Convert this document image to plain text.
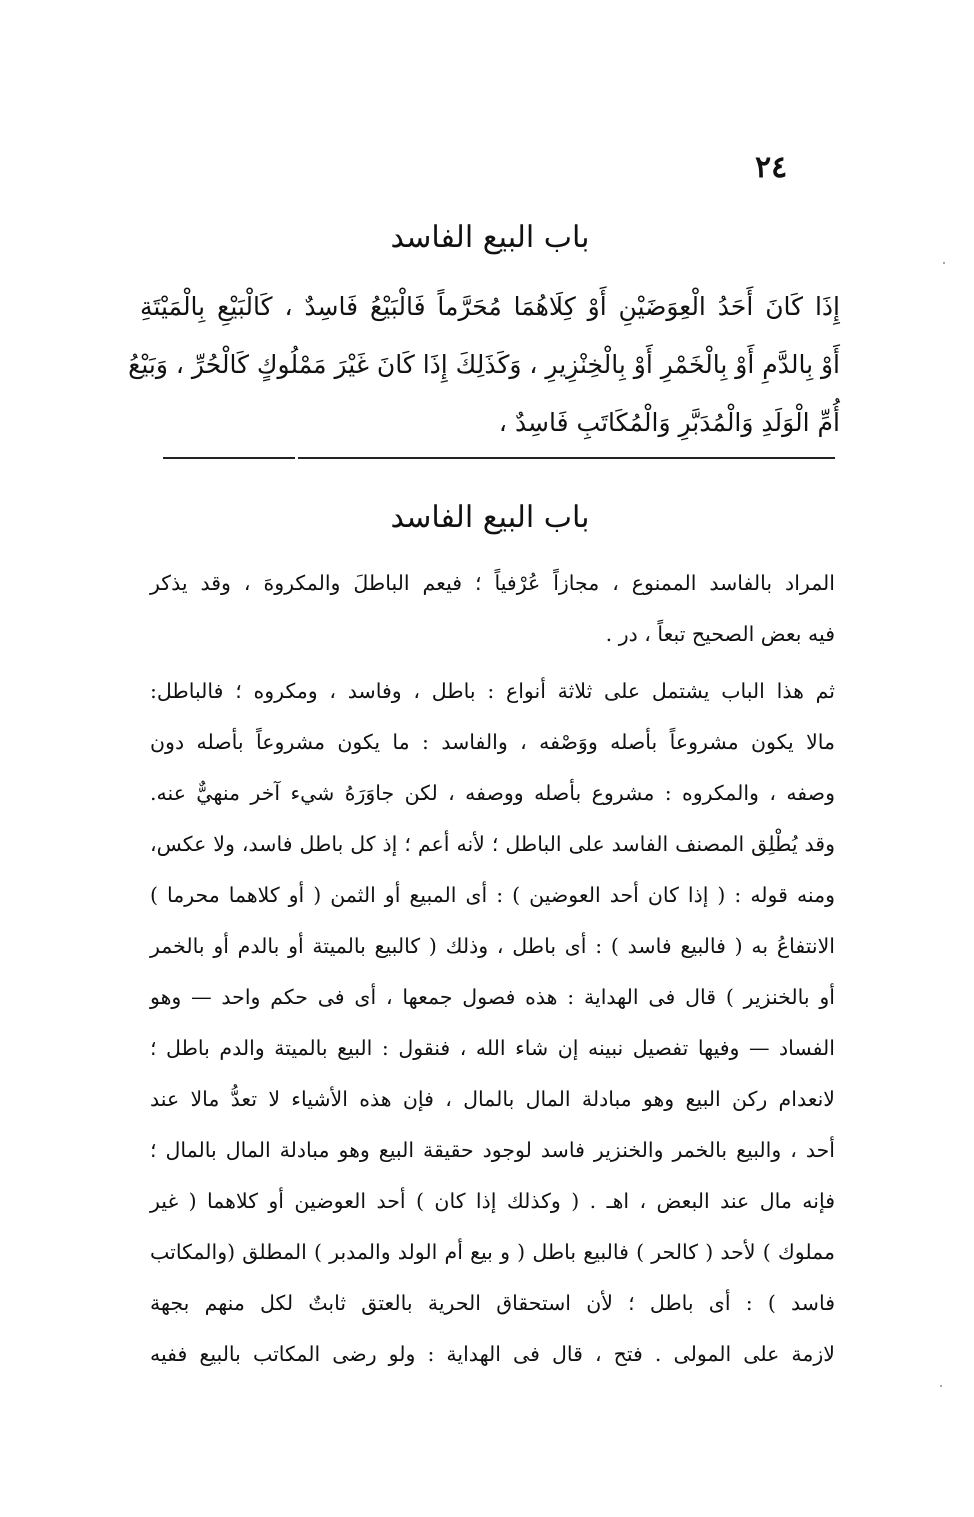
٢٤
باب البيع الفاسد
إِذَا كَانَ أَحَدُ الْعِوَضَيْنِ أَوْ كِلَاهُمَا مُحَرَّماً فَالْبَيْعُ فَاسِدٌ ، كَالْبَيْعِ بِالْمَيْتَةِ
أَوْ بِالدَّمِ أَوْ بِالْخَمْرِ أَوْ بِالْخِنْزِيرِ ، وَكَذَلِكَ إِذَا كَانَ غَيْرَ مَمْلُوكٍ كَالْحُرِّ ، وَبَيْعُ
أُمِّ الْوَلَدِ وَالْمُدَبَّرِ وَالْمُكَاتَبِ فَاسِدٌ ،
باب البيع الفاسد
المراد بالفاسد الممنوع ، مجازاً عُرْفياً ؛ فيعم الباطلَ والمكروهَ ، وقد يذكر
فيه بعض الصحيح تبعاً ، در .
ثم هذا الباب يشتمل على ثلاثة أنواع : باطل ، وفاسد ، ومكروه ؛ فالباطل:
مالا يكون مشروعاً بأصله ووَصْفه ، والفاسد : ما يكون مشروعاً بأصله دون
وصفه ، والمكروه : مشروع بأصله ووصفه ، لكن جاوَرَهُ شيء آخر منهيٌّ عنه.
وقد يُطْلِق المصنف الفاسد على الباطل ؛ لأنه أعم ؛ إذ كل باطل فاسد، ولا عكس،
ومنه قوله : ( إذا كان أحد العوضين ) : أى المبيع أو الثمن ( أو كلاهما محرما )
الانتفاعُ به ( فالبيع فاسد ) : أى باطل ، وذلك ( كالبيع بالميتة أو بالدم أو بالخمر
أو بالخنزير ) قال فى الهداية : هذه فصول جمعها ، أى فى حكم واحد — وهو
الفساد — وفيها تفصيل نبينه إن شاء الله ، فنقول : البيع بالميتة والدم باطل ؛
لانعدام ركن البيع وهو مبادلة المال بالمال ، فإن هذه الأشياء لا تعدُّ مالا عند
أحد ، والبيع بالخمر والخنزير فاسد لوجود حقيقة البيع وهو مبادلة المال بالمال ؛
فإنه مال عند البعض ، اهـ . ( وكذلك إذا كان ) أحد العوضين أو كلاهما ( غير
مملوك ) لأحد ( كالحر ) فالبيع باطل ( و بيع أم الولد والمدبر ) المطلق (والمكاتب
فاسد ) : أى باطل ؛ لأن استحقاق الحرية بالعتق ثابتٌ لكل منهم بجهة
لازمة على المولى . فتح ، قال فى الهداية : ولو رضى المكاتب بالبيع ففيه
